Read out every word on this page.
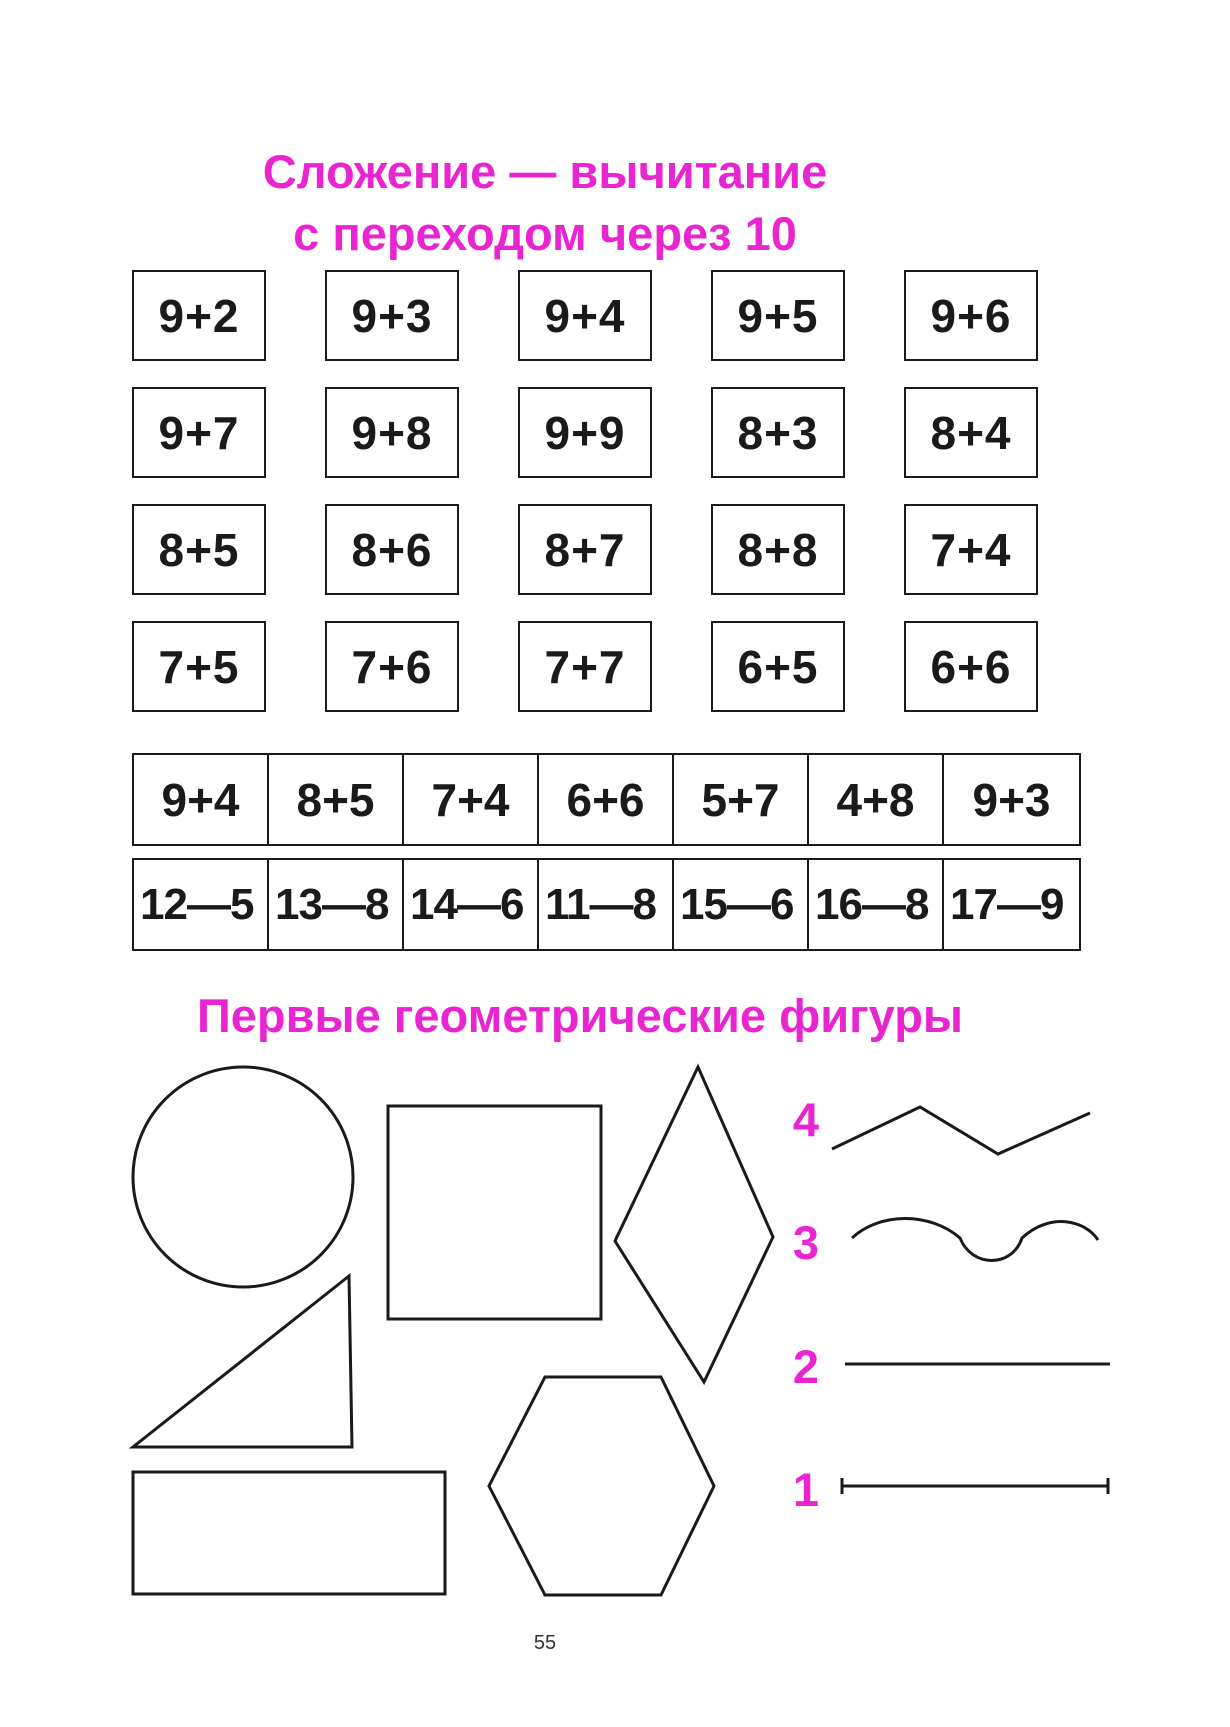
Сложение — вычитание
с переходом через 10
9+2	9+3	9+4	9+5	9+6
9+7	9+8	9+9	8+3	8+4
8+5	8+6	8+7	8+8	7+4
7+5	7+6	7+7	6+5	6+6
9+4	8+5	7+4	6+6	5+7	4+8	9+3
12—5 13—8 14—6 11—8 15—6 16—8 17—9
Первые геометрические фигуры
4
3
2
1
55
